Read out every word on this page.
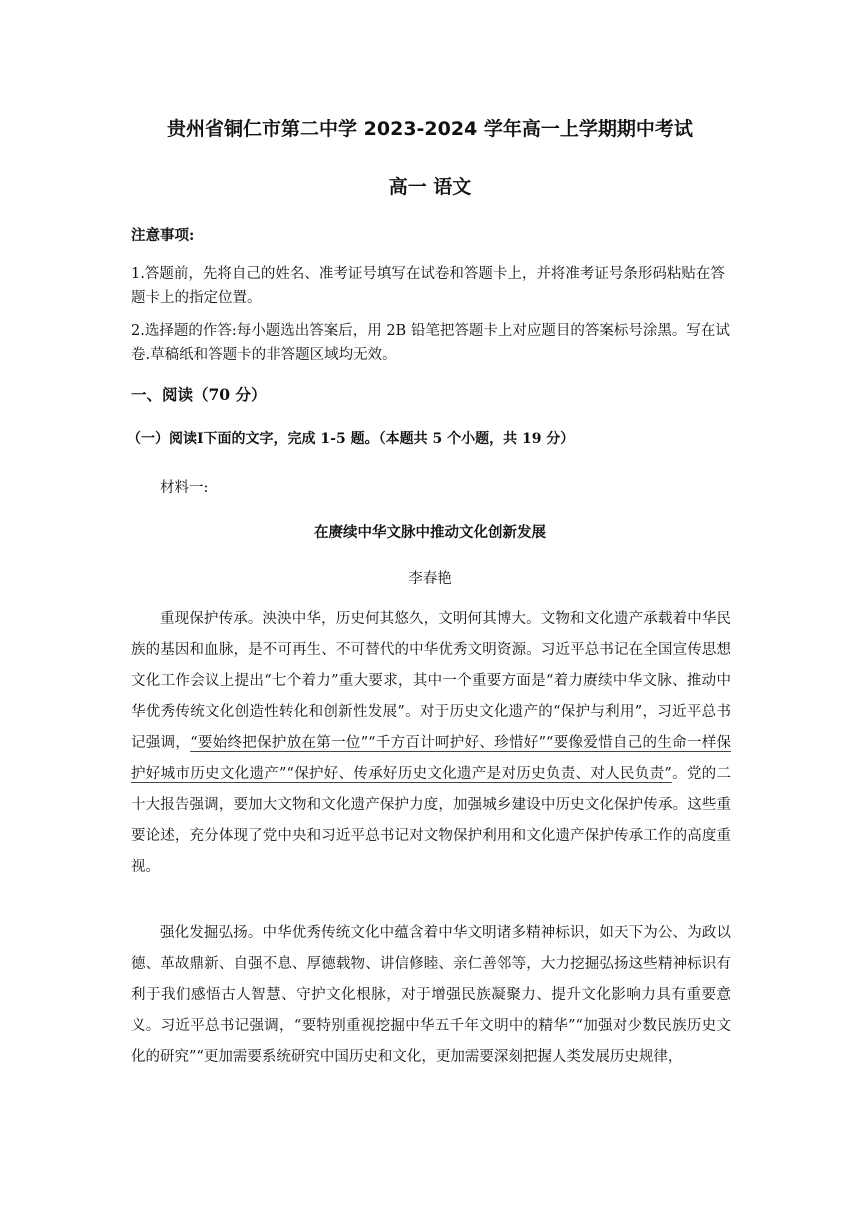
贵州省铜仁市第二中学 2023-2024 学年高一上学期期中考试
高一 语文

注意事项:

1.答题前，先将自己的姓名、准考证号填写在试卷和答题卡上，并将准考证号条形码粘贴在答题卡上的指定位置。

2.选择题的作答:每小题选出答案后，用 2B 铅笔把答题卡上对应题目的答案标号涂黑。写在试卷.草稿纸和答题卡的非答题区域均无效。

一、阅读（70 分）

（一）阅读Ⅰ下面的文字，完成 1-5 题。（本题共 5 个小题，共 19 分）

材料一:

在赓续中华文脉中推动文化创新发展

李春艳

重现保护传承。泱泱中华，历史何其悠久，文明何其博大。文物和文化遗产承载着中华民族的基因和血脉，是不可再生、不可替代的中华优秀文明资源。习近平总书记在全国宣传思想文化工作会议上提出“七个着力”重大要求，其中一个重要方面是“着力赓续中华文脉、推动中华优秀传统文化创造性转化和创新性发展”。对于历史文化遗产的“保护与利用”，习近平总书记强调，“要始终把保护放在第一位”“千方百计呵护好、珍惜好”“要像爱惜自己的生命一样保护好城市历史文化遗产”“保护好、传承好历史文化遗产是对历史负责、对人民负责”。党的二十大报告强调，要加大文物和文化遗产保护力度，加强城乡建设中历史文化保护传承。这些重要论述，充分体现了党中央和习近平总书记对文物保护利用和文化遗产保护传承工作的高度重视。

强化发掘弘扬。中华优秀传统文化中蕴含着中华文明诸多精神标识，如天下为公、为政以德、革故鼎新、自强不息、厚德载物、讲信修睦、亲仁善邻等，大力挖掘弘扬这些精神标识有利于我们感悟古人智慧、守护文化根脉，对于增强民族凝聚力、提升文化影响力具有重要意义。习近平总书记强调，“要特别重视挖掘中华五千年文明中的精华”“加强对少数民族历史文化的研究”“更加需要系统研究中国历史和文化，更加需要深刻把握人类发展历史规律，
